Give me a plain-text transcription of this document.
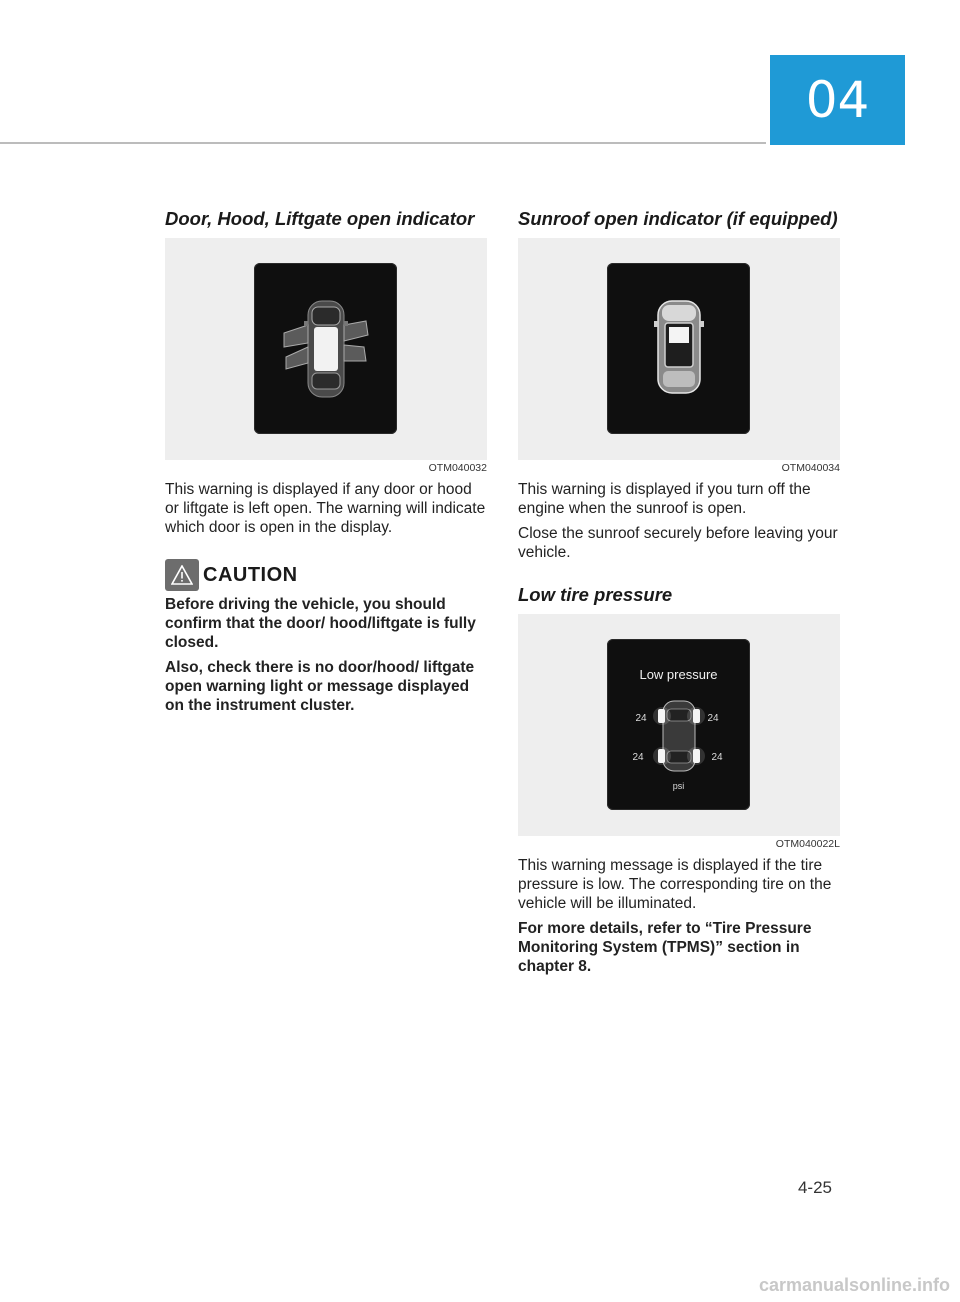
04
Door, Hood, Liftgate open indicator
OTM040032

This warning is displayed if any door or hood or liftgate is left open. The warning will indicate which door is open in the display.

CAUTION

Before driving the vehicle, you should confirm that the door/ hood/liftgate is fully closed.

Also, check there is no door/hood/ liftgate open warning light or message displayed on the instrument cluster.

Sunroof open indicator (if equipped)
OTM040034

This warning is displayed if you turn off the engine when the sunroof is open.

Close the sunroof securely before leaving your vehicle.

Low tire pressure
Low pressure
24	24
24	24
psi
OTM040022L

This warning message is displayed if the tire pressure is low. The corresponding tire on the vehicle will be illuminated.

For more details, refer to “Tire Pressure Monitoring System (TPMS)” section in chapter 8.

4-25
carmanualsonline.info
